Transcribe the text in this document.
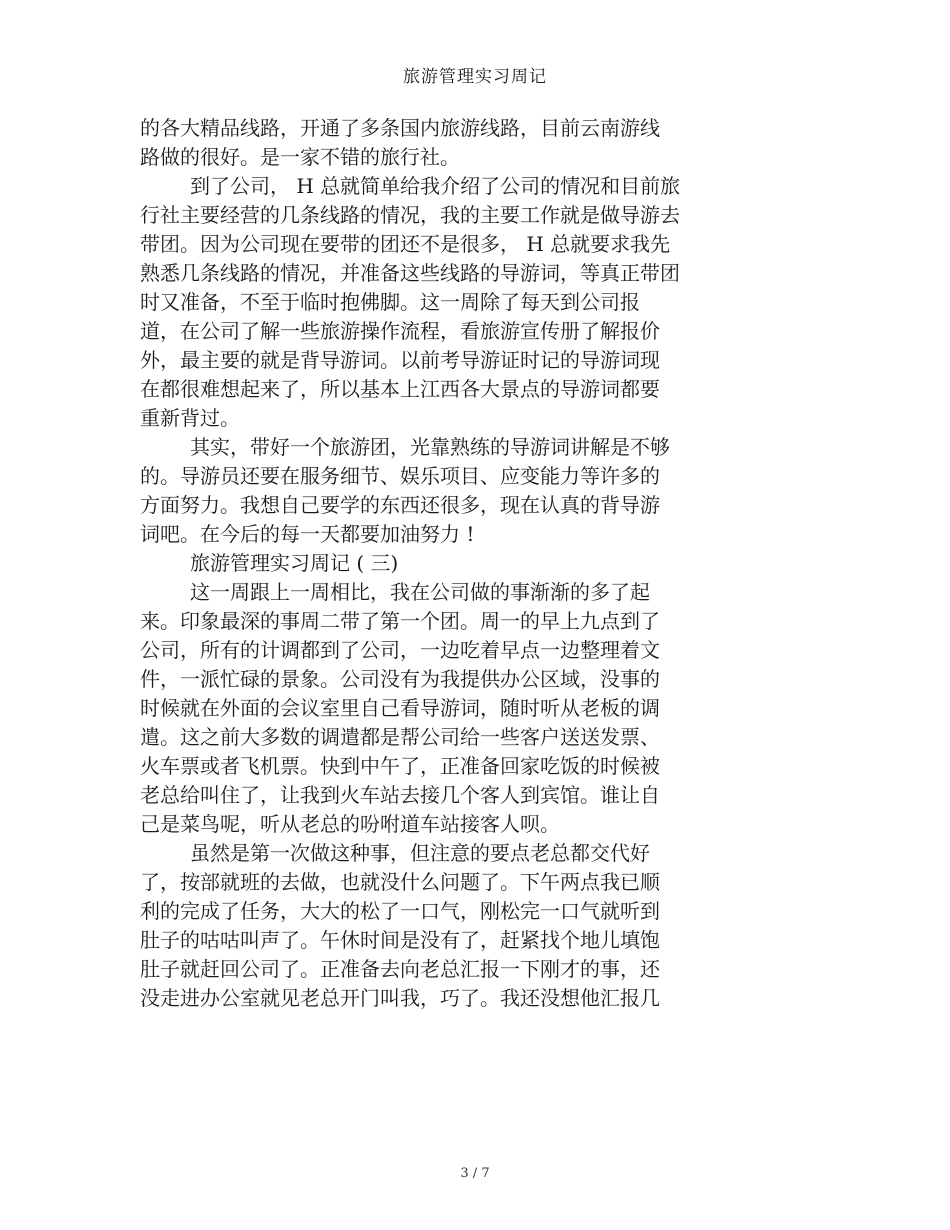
旅游管理实习周记
的各大精品线路，开通了多条国内旅游线路，目前云南游线
路做的很好。是一家不错的旅行社。
到了公司， H 总就简单给我介绍了公司的情况和目前旅
行社主要经营的几条线路的情况，我的主要工作就是做导游去
带团。因为公司现在要带的团还不是很多， H 总就要求我先
熟悉几条线路的情况，并准备这些线路的导游词，等真正带团
时又准备，不至于临时抱佛脚。这一周除了每天到公司报
道，在公司了解一些旅游操作流程，看旅游宣传册了解报价
外，最主要的就是背导游词。以前考导游证时记的导游词现
在都很难想起来了，所以基本上江西各大景点的导游词都要
重新背过。
其实，带好一个旅游团，光靠熟练的导游词讲解是不够
的。导游员还要在服务细节、娱乐项目、应变能力等许多的
方面努力。我想自己要学的东西还很多，现在认真的背导游
词吧。在今后的每一天都要加油努力 !
旅游管理实习周记 ( 三)
这一周跟上一周相比，我在公司做的事渐渐的多了起
来。印象最深的事周二带了第一个团。周一的早上九点到了
公司，所有的计调都到了公司，一边吃着早点一边整理着文
件，一派忙碌的景象。公司没有为我提供办公区域，没事的
时候就在外面的会议室里自己看导游词，随时听从老板的调
遣。这之前大多数的调遣都是帮公司给一些客户送送发票、
火车票或者飞机票。快到中午了，正准备回家吃饭的时候被
老总给叫住了，让我到火车站去接几个客人到宾馆。谁让自
己是菜鸟呢，听从老总的吩咐道车站接客人呗。
虽然是第一次做这种事，但注意的要点老总都交代好
了，按部就班的去做，也就没什么问题了。下午两点我已顺
利的完成了任务，大大的松了一口气，刚松完一口气就听到
肚子的咕咕叫声了。午休时间是没有了，赶紧找个地儿填饱
肚子就赶回公司了。正准备去向老总汇报一下刚才的事，还
没走进办公室就见老总开门叫我，巧了。我还没想他汇报几
3 / 7
